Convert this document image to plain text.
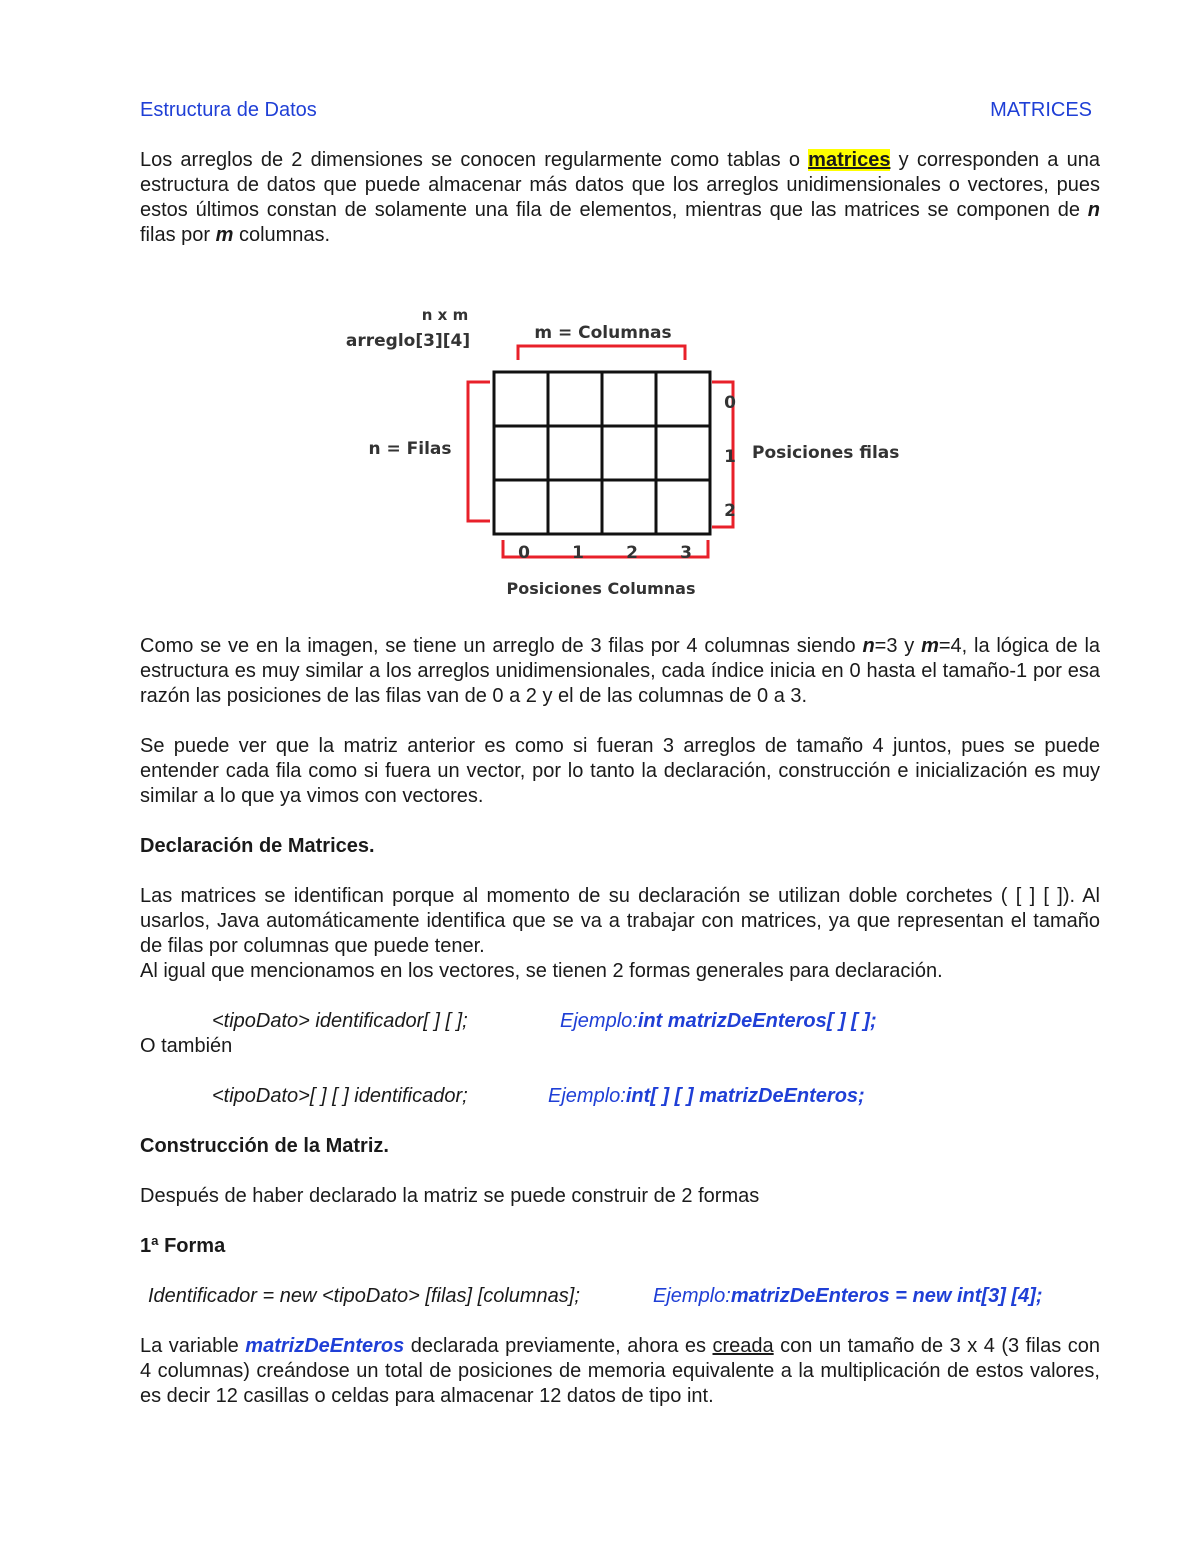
Estructura de Datos	MATRICES

Los arreglos de 2 dimensiones se conocen regularmente como tablas o matrices y corresponden a una estructura de datos que puede almacenar más datos que los arreglos unidimensionales o vectores, pues estos últimos constan de solamente una fila de elementos, mientras que las matrices se componen de n filas por m columnas.

Como se ve en la imagen, se tiene un arreglo de 3 filas por 4 columnas siendo n=3 y m=4, la lógica de la estructura es muy similar a los arreglos unidimensionales, cada índice inicia en 0 hasta el tamaño-1 por esa razón las posiciones de las filas van de 0 a 2 y el de las columnas de 0 a 3.

Se puede ver que la matriz anterior es como si fueran 3 arreglos de tamaño 4 juntos, pues se puede entender cada fila como si fuera un vector, por lo tanto la declaración, construcción e inicialización es muy similar a lo que ya vimos con vectores.

Declaración de Matrices.

Las matrices se identifican porque al momento de su declaración se utilizan doble corchetes ( [ ] [ ]). Al usarlos, Java automáticamente identifica que se va a trabajar con matrices, ya que representan el tamaño de filas por columnas que puede tener.

Al igual que mencionamos en los vectores, se tienen 2 formas generales para declaración.

<tipoDato> identificador[ ] [ ];	Ejemplo: int matrizDeEnteros[ ] [ ];

O también

<tipoDato>[ ] [ ] identificador;	Ejemplo: int[ ] [ ] matrizDeEnteros;

Construcción de la Matriz.

Después de haber declarado la matriz se puede construir de 2 formas

1ª Forma

Identificador = new <tipoDato> [filas] [columnas];	Ejemplo: matrizDeEnteros = new int[3] [4];

La variable matrizDeEnteros declarada previamente, ahora es creada con un tamaño de 3 x 4 (3 filas con 4 columnas) creándose un total de posiciones de memoria equivalente a la multiplicación de estos valores, es decir 12 casillas o celdas para almacenar 12 datos de tipo int.

n x m
arreglo[3][4]	m = Columnas
n = Filas	Posiciones filas
Posiciones Columnas
0
1
2
0 1 2 3
